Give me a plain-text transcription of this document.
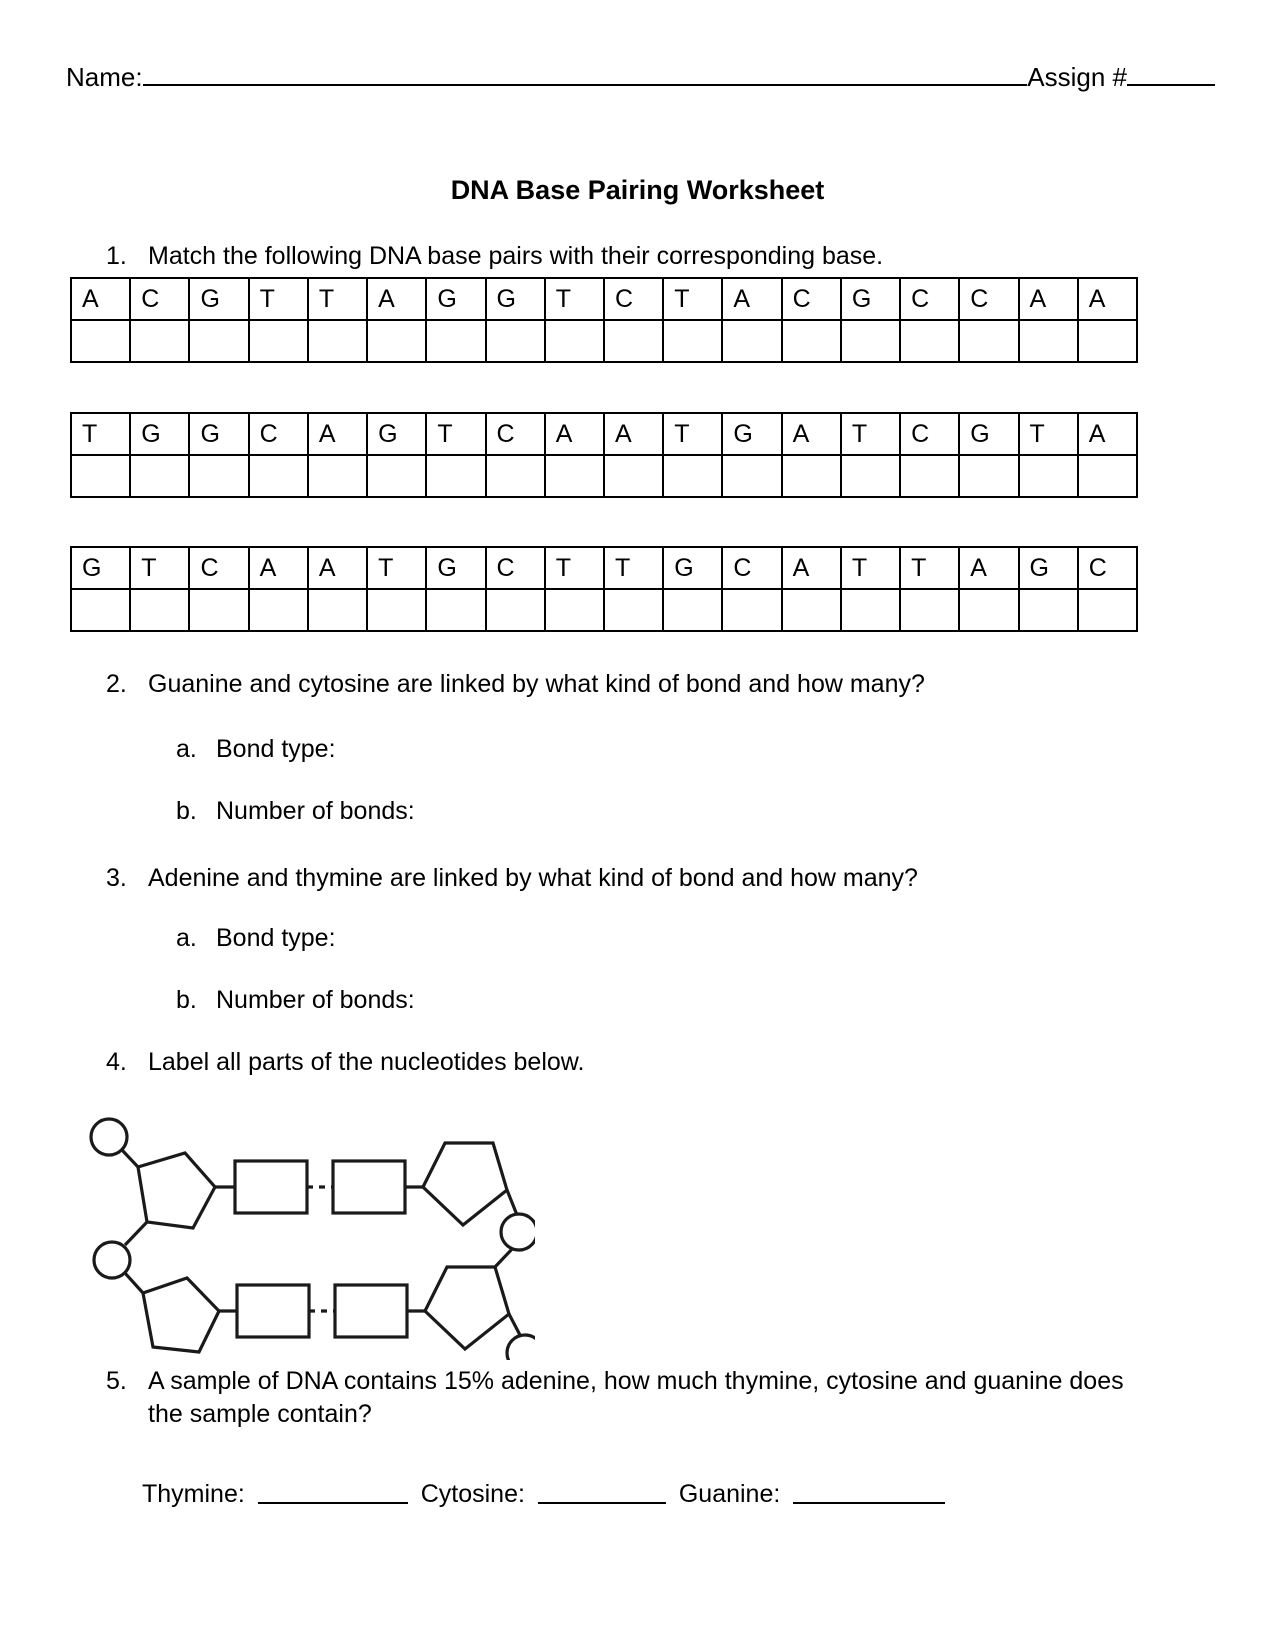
Name:	Assign #
DNA Base Pairing Worksheet
1. Match the following DNA base pairs with their corresponding base.
A	C	G	T	T	A	G	G	T	C	T	A	C	G	C	C	A	A

T	G	G	C	A	G	T	C	A	A	T	G	A	T	C	G	T	A

G	T	C	A	A	T	G	C	T	T	G	C	A	T	T	A	G	C

2. Guanine and cytosine are linked by what kind of bond and how many?
a. Bond type:
b. Number of bonds:
3. Adenine and thymine are linked by what kind of bond and how many?
a. Bond type:
b. Number of bonds:
4. Label all parts of the nucleotides below.
5. A sample of DNA contains 15% adenine, how much thymine, cytosine and guanine does the sample contain?
Thymine:	Cytosine:	Guanine:
